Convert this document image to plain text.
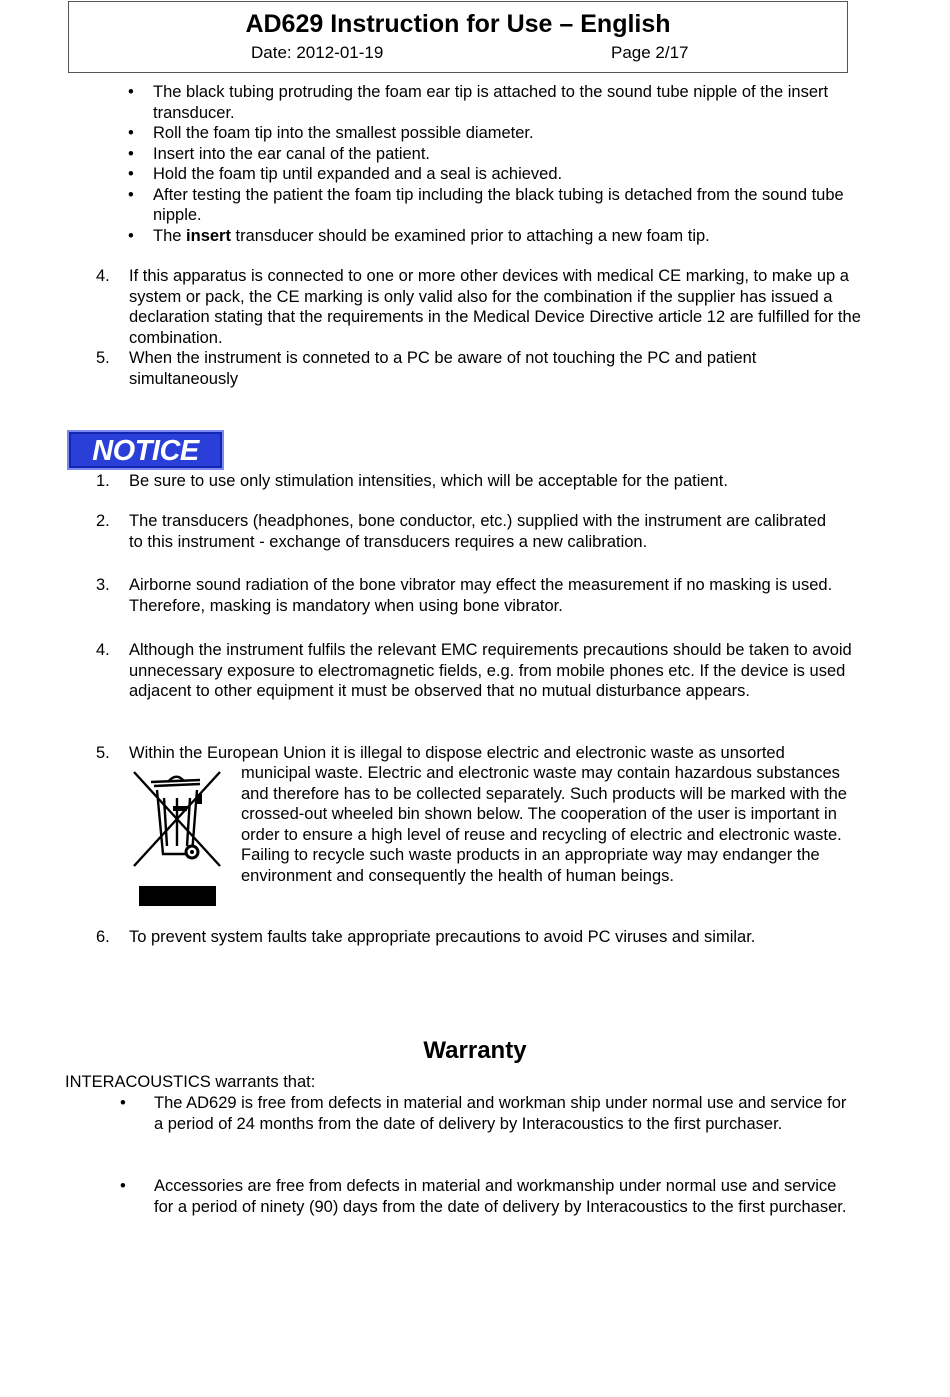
AD629 Instruction for Use – English
Date: 2012-01-19	Page 2/17
• The black tubing protruding the foam ear tip is attached to the sound tube nipple of the insert transducer.
• Roll the foam tip into the smallest possible diameter.
• Insert into the ear canal of the patient.
• Hold the foam tip until expanded and a seal is achieved.
• After testing the patient the foam tip including the black tubing is detached from the sound tube nipple.
• The insert transducer should be examined prior to attaching a new foam tip.
4. If this apparatus is connected to one or more other devices with medical CE marking, to make up a system or pack, the CE marking is only valid also for the combination if the supplier has issued a declaration stating that the requirements in the Medical Device Directive article 12 are fulfilled for the combination.
5. When the instrument is conneted to a PC be aware of not touching the PC and patient simultaneously
NOTICE
1. Be sure to use only stimulation intensities, which will be acceptable for the patient.
2. The transducers (headphones, bone conductor, etc.) supplied with the instrument are calibrated to this instrument - exchange of transducers requires a new calibration.
3. Airborne sound radiation of the bone vibrator may effect the measurement if no masking is used. Therefore, masking is mandatory when using bone vibrator.
4. Although the instrument fulfils the relevant EMC requirements precautions should be taken to avoid unnecessary exposure to electromagnetic fields, e.g. from mobile phones etc. If the device is used adjacent to other equipment it must be observed that no mutual disturbance appears.
5. Within the European Union it is illegal to dispose electric and electronic waste as unsorted
municipal waste. Electric and electronic waste may contain hazardous substances and therefore has to be collected separately. Such products will be marked with the crossed-out wheeled bin shown below. The cooperation of the user is important in order to ensure a high level of reuse and recycling of electric and electronic waste. Failing to recycle such waste products in an appropriate way may endanger the environment and consequently the health of human beings.
6. To prevent system faults take appropriate precautions to avoid PC viruses and similar.
Warranty
INTERACOUSTICS warrants that:
• The AD629 is free from defects in material and workman ship under normal use and service for a period of 24 months from the date of delivery by Interacoustics to the first purchaser.
• Accessories are free from defects in material and workmanship under normal use and service for a period of ninety (90) days from the date of delivery by Interacoustics to the first purchaser.
